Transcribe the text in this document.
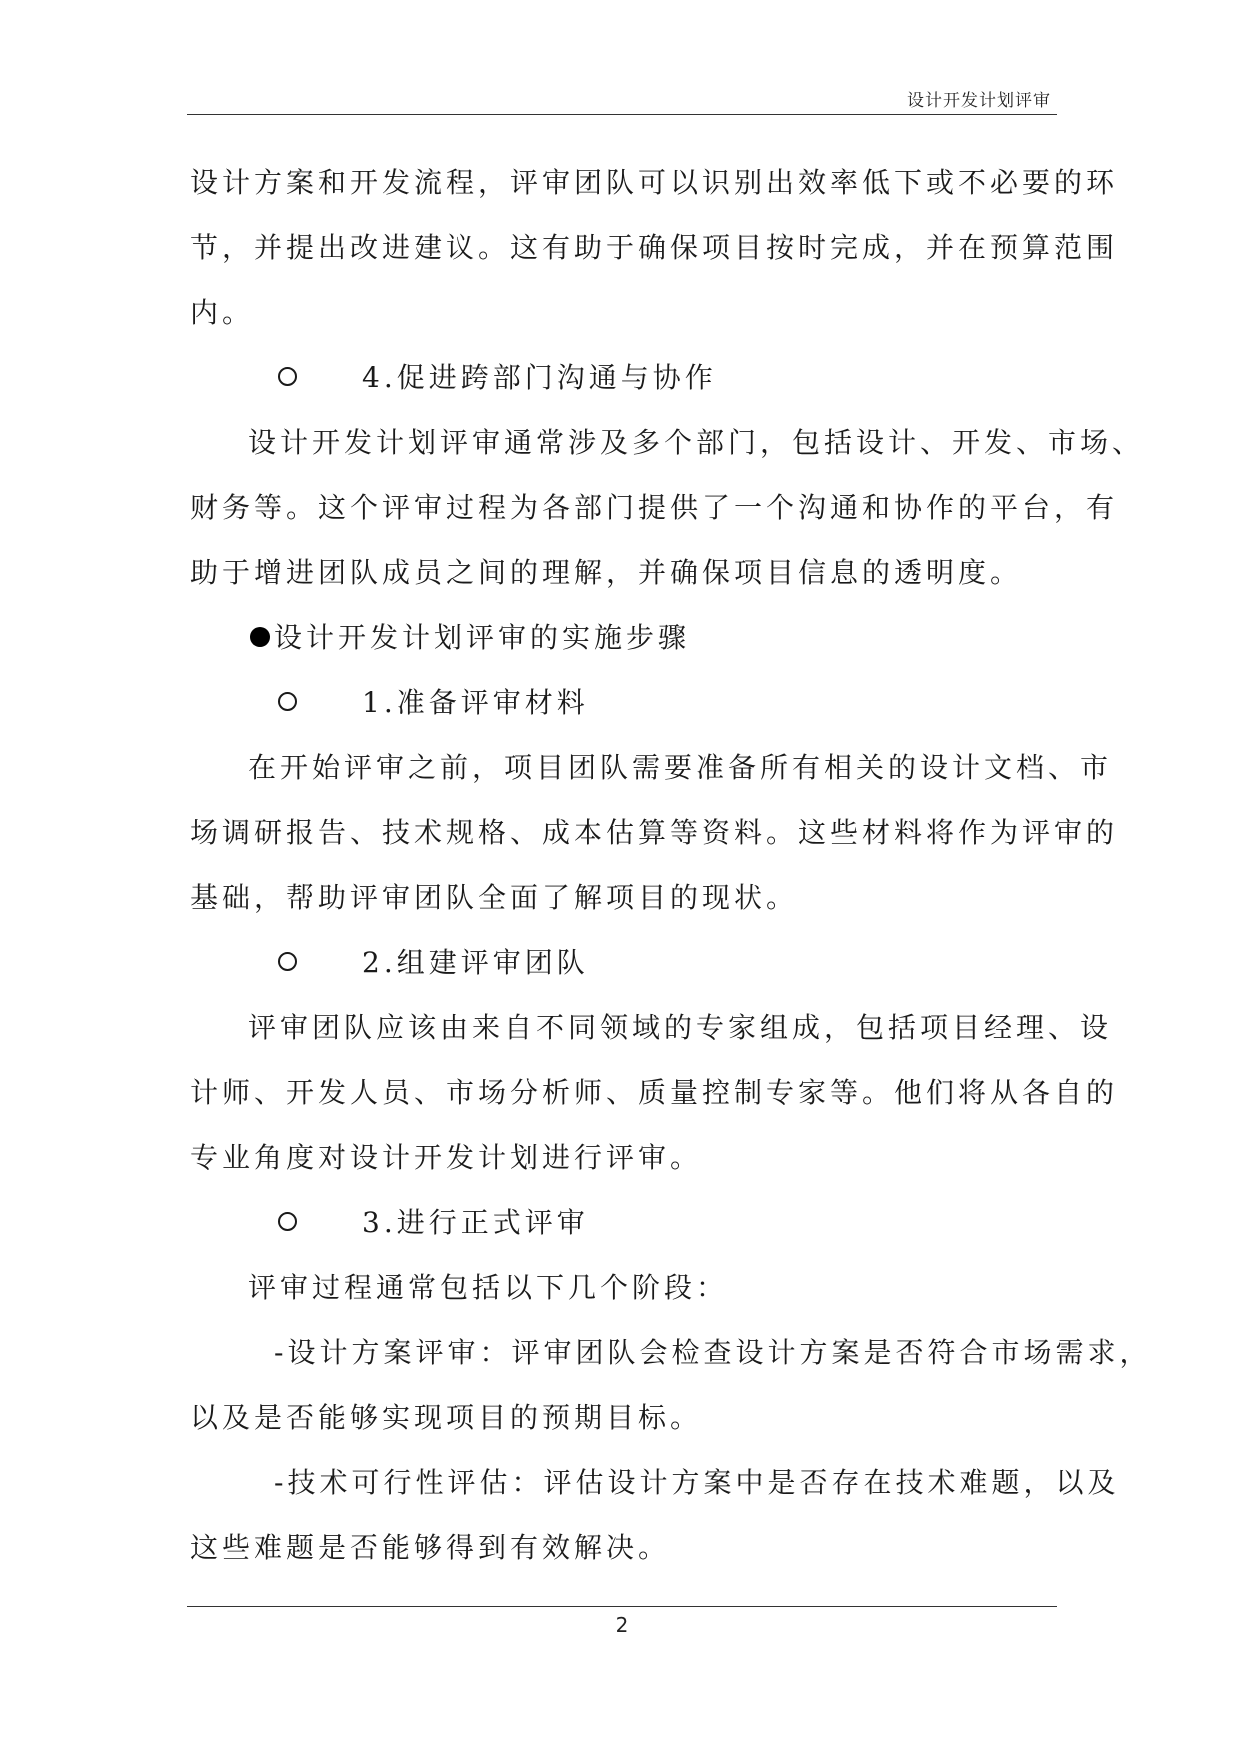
设计开发计划评审
设计方案和开发流程，评审团队可以识别出效率低下或不必要的环
节，并提出改进建议。这有助于确保项目按时完成，并在预算范围
内。
4.促进跨部门沟通与协作
设计开发计划评审通常涉及多个部门，包括设计、开发、市场、
财务等。这个评审过程为各部门提供了一个沟通和协作的平台，有
助于增进团队成员之间的理解，并确保项目信息的透明度。
设计开发计划评审的实施步骤
1.准备评审材料
在开始评审之前，项目团队需要准备所有相关的设计文档、市
场调研报告、技术规格、成本估算等资料。这些材料将作为评审的
基础，帮助评审团队全面了解项目的现状。
2.组建评审团队
评审团队应该由来自不同领域的专家组成，包括项目经理、设
计师、开发人员、市场分析师、质量控制专家等。他们将从各自的
专业角度对设计开发计划进行评审。
3.进行正式评审
评审过程通常包括以下几个阶段：
-设计方案评审：评审团队会检查设计方案是否符合市场需求，
以及是否能够实现项目的预期目标。
-技术可行性评估：评估设计方案中是否存在技术难题，以及
这些难题是否能够得到有效解决。
2
